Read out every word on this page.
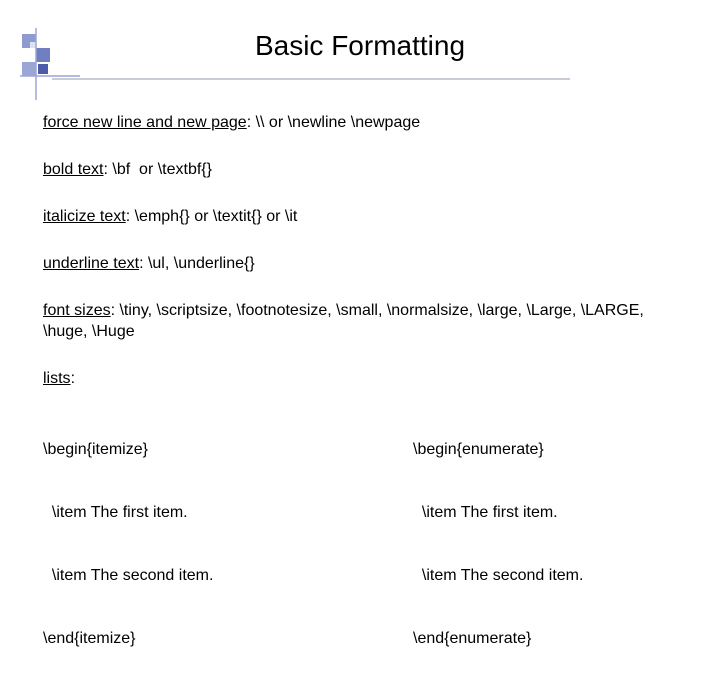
Basic Formatting
force new line and new page: \\ or \newline \newpage
bold text: \bf  or \textbf{}
italicize text: \emph{} or \textit{} or \it
underline text: \ul, \underline{}
font sizes: \tiny, \scriptsize, \footnotesize, \small, \normalsize, \large, \Large, \LARGE, \huge, \Huge
lists:

\begin{itemize}

\item The first item.

\item The second item.

\end{itemize}

\begin{enumerate}

\item The first item.

\item The second item.

\end{enumerate}
